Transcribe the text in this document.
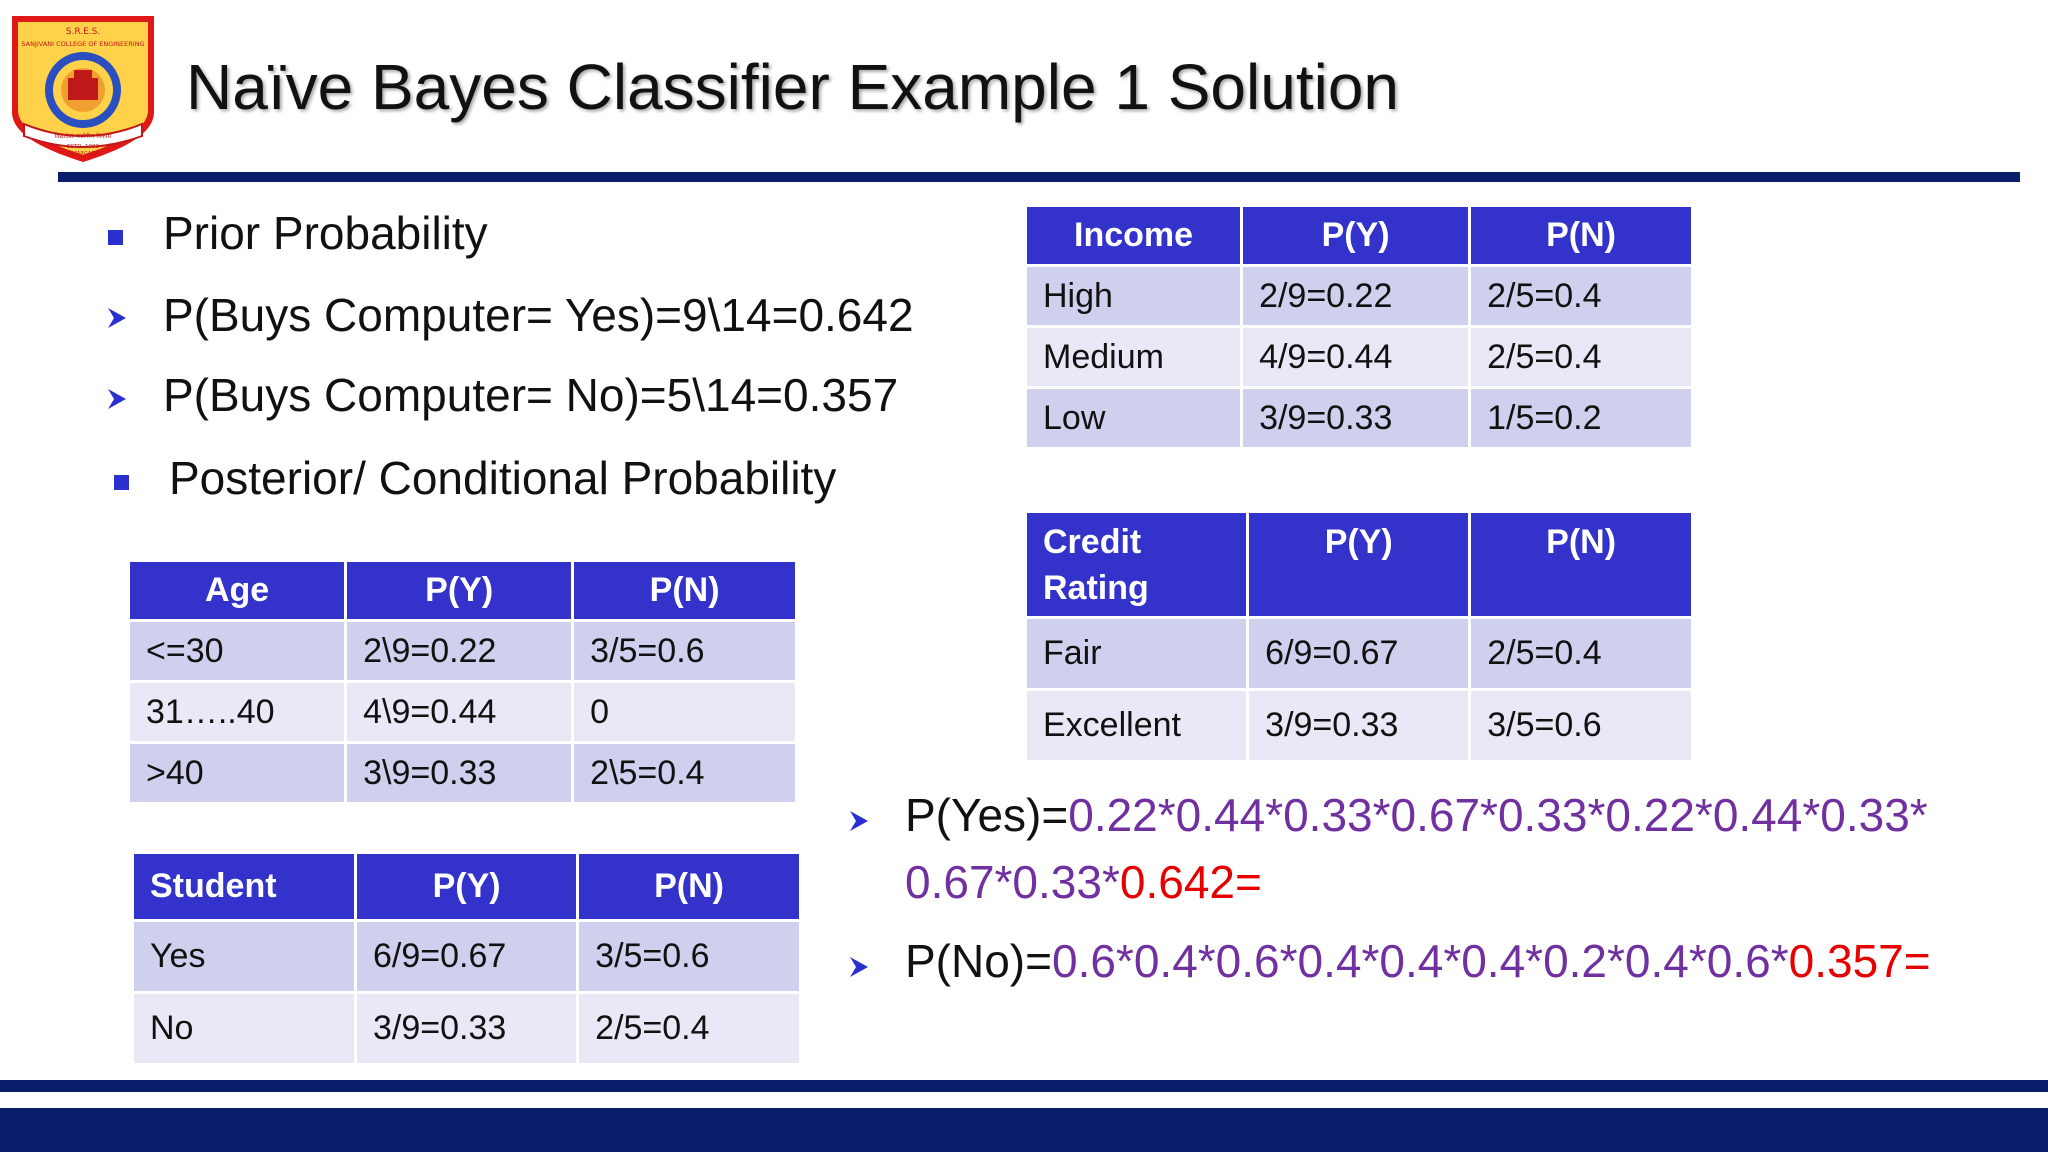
S.R.E.S.
SANJIVANI COLLEGE OF ENGINEERING
विद्यादेवाः सर्वांगीण विकास
ESTD. 1983
KOPARGAON
Naïve Bayes Classifier Example 1 Solution
Prior Probability
P(Buys Computer= Yes)=9\14=0.642
P(Buys Computer= No)=5\14=0.357
Posterior/ Conditional Probability
Age	P(Y)	P(N)
<=30	2\9=0.22	3/5=0.6
31…..40	4\9=0.44	0
>40	3\9=0.33	2\5=0.4
Student	P(Y)	P(N)
Yes	6/9=0.67	3/5=0.6
No	3/9=0.33	2/5=0.4
Income	P(Y)	P(N)
High	2/9=0.22	2/5=0.4
Medium	4/9=0.44	2/5=0.4
Low	3/9=0.33	1/5=0.2
Credit Rating	P(Y)	P(N)
Fair	6/9=0.67	2/5=0.4
Excellent	3/9=0.33	3/5=0.6
P(Yes)=0.22*0.44*0.33*0.67*0.33*0.22*0.44*0.33*
0.67*0.33*0.642=
P(No)=0.6*0.4*0.6*0.4*0.4*0.4*0.2*0.4*0.6*0.357=
